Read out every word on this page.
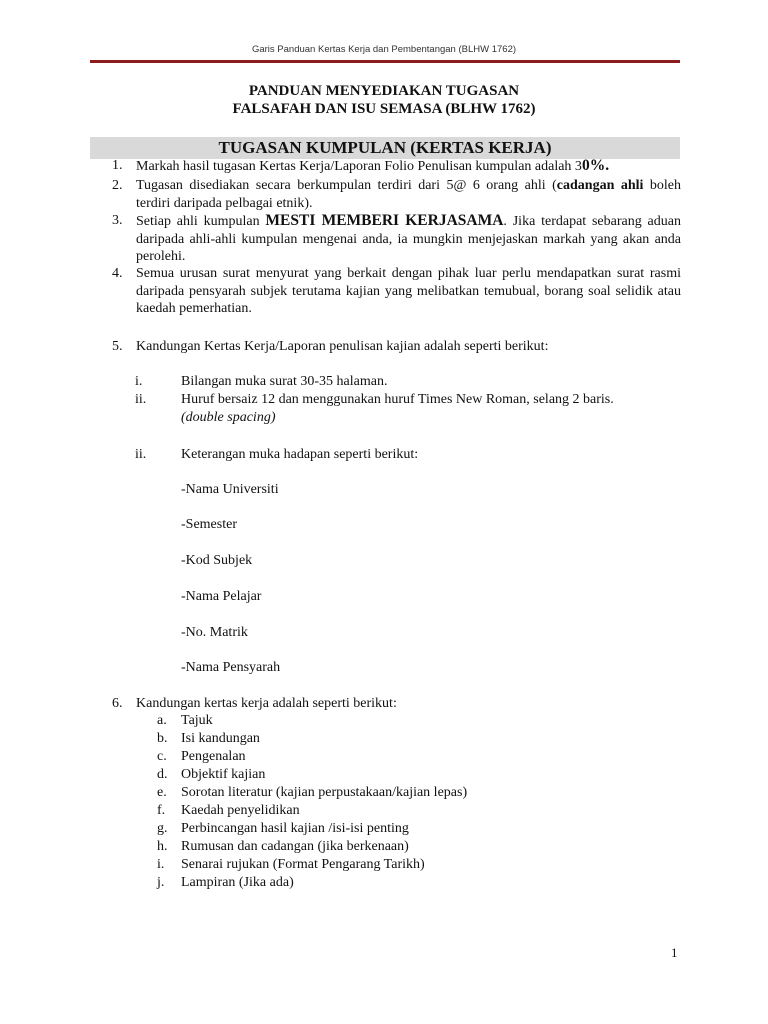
Garis Panduan Kertas Kerja dan Pembentangan (BLHW 1762)
PANDUAN MENYEDIAKAN TUGASAN
FALSAFAH DAN ISU SEMASA (BLHW 1762)
TUGASAN KUMPULAN (KERTAS KERJA)
1. Markah hasil tugasan Kertas Kerja/Laporan Folio Penulisan kumpulan adalah 30%.
2. Tugasan disediakan secara berkumpulan terdiri dari 5@ 6 orang ahli (cadangan ahli boleh terdiri daripada pelbagai etnik).
3. Setiap ahli kumpulan MESTI MEMBERI KERJASAMA. Jika terdapat sebarang aduan daripada ahli-ahli kumpulan mengenai anda, ia mungkin menjejaskan markah yang akan anda perolehi.
4. Semua urusan surat menyurat yang berkait dengan pihak luar perlu mendapatkan surat rasmi daripada pensyarah subjek terutama kajian yang melibatkan temubual, borang soal selidik atau kaedah pemerhatian.
5. Kandungan Kertas Kerja/Laporan penulisan kajian adalah seperti berikut:
i.	Bilangan muka surat 30-35 halaman.
ii.	Huruf bersaiz 12 dan menggunakan huruf Times New Roman, selang 2 baris.
(double spacing)
ii.	Keterangan muka hadapan seperti berikut:
-Nama Universiti
-Semester
-Kod Subjek
-Nama Pelajar
-No. Matrik
-Nama Pensyarah
6. Kandungan kertas kerja adalah seperti berikut:
a.	Tajuk
b. Isi kandungan
c.	Pengenalan
d. Objektif kajian
e.	Sorotan literatur (kajian perpustakaan/kajian lepas)
f.	Kaedah penyelidikan
g. Perbincangan hasil kajian /isi-isi penting
h. Rumusan dan cadangan (jika berkenaan)
i.	Senarai rujukan (Format Pengarang Tarikh)
j.	Lampiran (Jika ada)
1
